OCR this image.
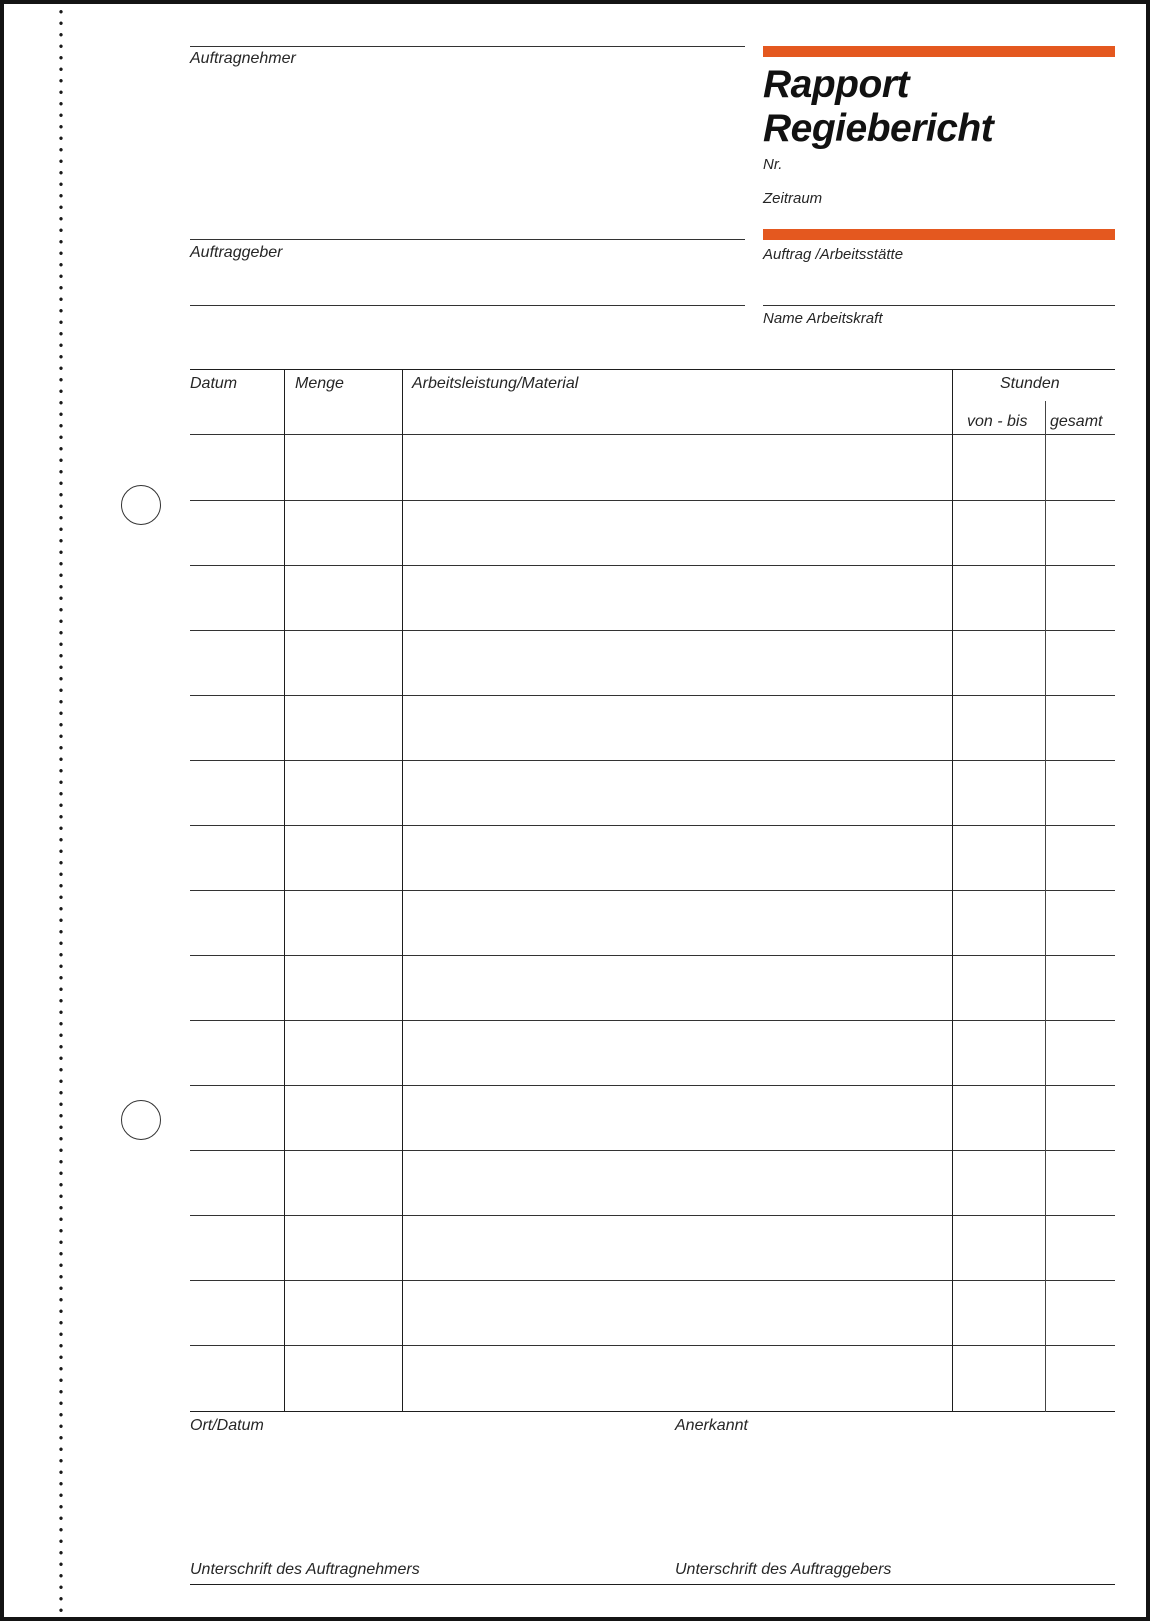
Auftragnehmer
Auftraggeber
Rapport
Regiebericht
Nr.
Zeitraum
Auftrag /Arbeitsstätte
Name Arbeitskraft
Datum	Menge	Arbeitsleistung/Material	Stunden
von - bis gesamt
Ort/Datum	Anerkannt
Unterschrift des Auftragnehmers	Unterschrift des Auftraggebers
